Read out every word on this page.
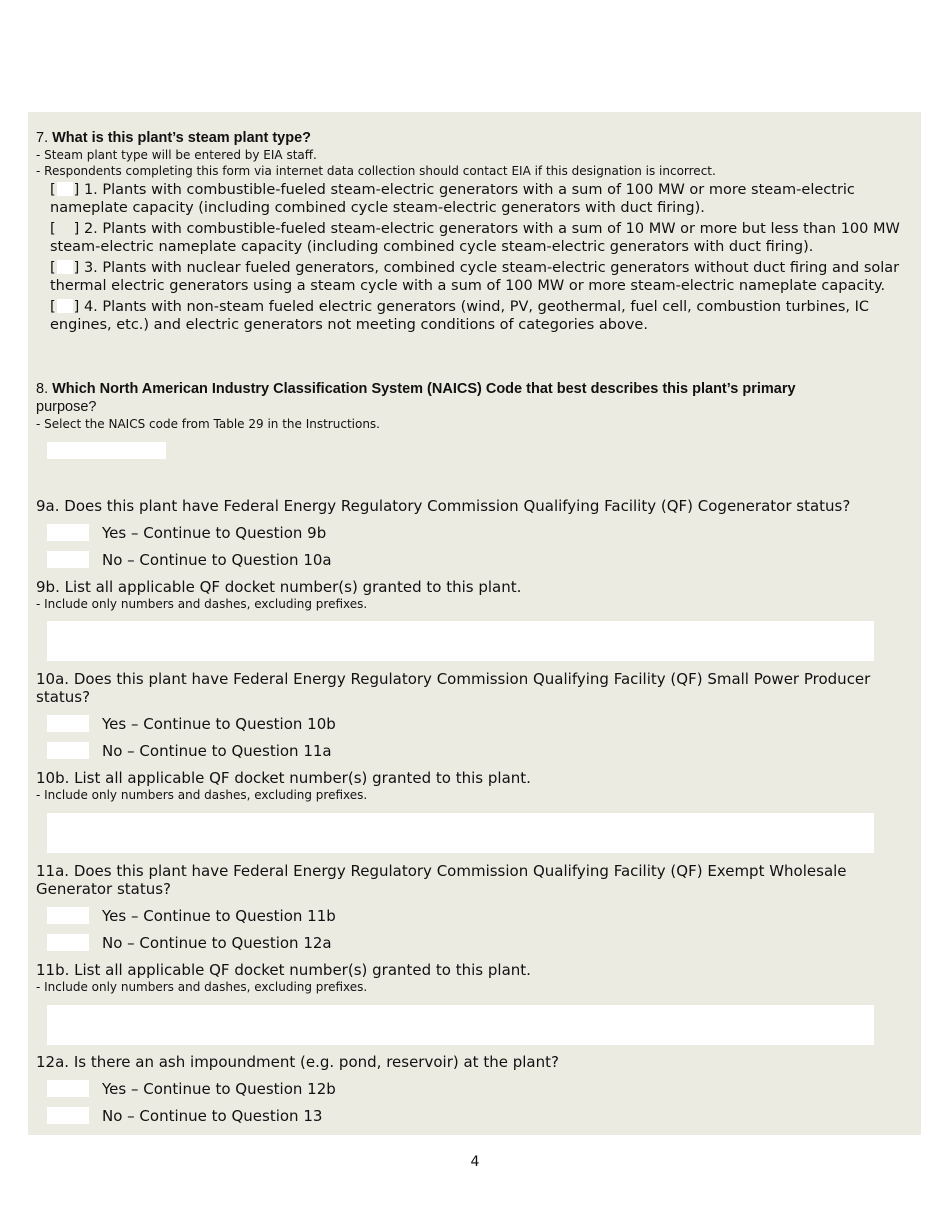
7. What is this plant’s steam plant type?
- Steam plant type will be entered by EIA staff.
- Respondents completing this form via internet data collection should contact EIA if this designation is incorrect.
[ ] 1. Plants with combustible-fueled steam-electric generators with a sum of 100 MW or more steam-electric nameplate capacity (including combined cycle steam-electric generators with duct firing).
[ ] 2. Plants with combustible-fueled steam-electric generators with a sum of 10 MW or more but less than 100 MW steam-electric nameplate capacity (including combined cycle steam-electric generators with duct firing).
[ ] 3. Plants with nuclear fueled generators, combined cycle steam-electric generators without duct firing and solar thermal electric generators using a steam cycle with a sum of 100 MW or more steam-electric nameplate capacity.
[ ] 4. Plants with non-steam fueled electric generators (wind, PV, geothermal, fuel cell, combustion turbines, IC engines, etc.) and electric generators not meeting conditions of categories above.
8. Which North American Industry Classification System (NAICS) Code that best describes this plant’s primary
purpose?
- Select the NAICS code from Table 29 in the Instructions.
9a. Does this plant have Federal Energy Regulatory Commission Qualifying Facility (QF) Cogenerator status?
Yes – Continue to Question 9b
No – Continue to Question 10a
9b. List all applicable QF docket number(s) granted to this plant.
- Include only numbers and dashes, excluding prefixes.
10a. Does this plant have Federal Energy Regulatory Commission Qualifying Facility (QF) Small Power Producer status?
Yes – Continue to Question 10b
No – Continue to Question 11a
10b. List all applicable QF docket number(s) granted to this plant.
- Include only numbers and dashes, excluding prefixes.
11a. Does this plant have Federal Energy Regulatory Commission Qualifying Facility (QF) Exempt Wholesale Generator status?
Yes – Continue to Question 11b
No – Continue to Question 12a
11b. List all applicable QF docket number(s) granted to this plant.
- Include only numbers and dashes, excluding prefixes.
12a. Is there an ash impoundment (e.g. pond, reservoir) at the plant?
Yes – Continue to Question 12b
No – Continue to Question 13
4
